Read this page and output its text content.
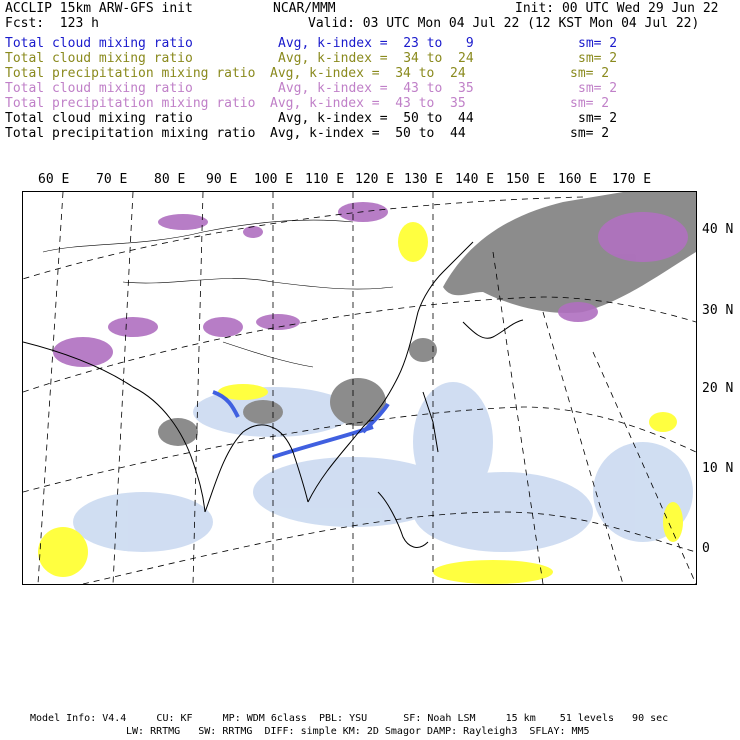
ACCLIP 15km ARW-GFS init	NCAR/MMM	Init: 00 UTC Wed 29 Jun 22
Fcst:  123 h	Valid: 03 UTC Mon 04 Jul 22 (12 KST Mon 04 Jul 22)
Total cloud mixing ratio	Avg, k-index =  23 to   9	sm= 2
Total cloud mixing ratio	Avg, k-index =  34 to  24	sm= 2
Total precipitation mixing ratio Avg, k-index =  34 to  24	sm= 2
Total cloud mixing ratio	Avg, k-index =  43 to  35	sm= 2
Total precipitation mixing ratio Avg, k-index =  43 to  35	sm= 2
Total cloud mixing ratio	Avg, k-index =  50 to  44	sm= 2
Total precipitation mixing ratio Avg, k-index =  50 to  44	sm= 2
60 E 70 E 80 E 90 E 100 E 110 E 120 E 130 E 140 E 150 E 160 E 170 E
40 N
30 N
20 N
10 N
0
Model Info: V4.4     CU: KF     MP: WDM 6class  PBL: YSU      SF: Noah LSM     15 km    51 levels   90 sec
LW: RRTMG   SW: RRTMG  DIFF: simple KM: 2D Smagor DAMP: Rayleigh3  SFLAY: MM5
